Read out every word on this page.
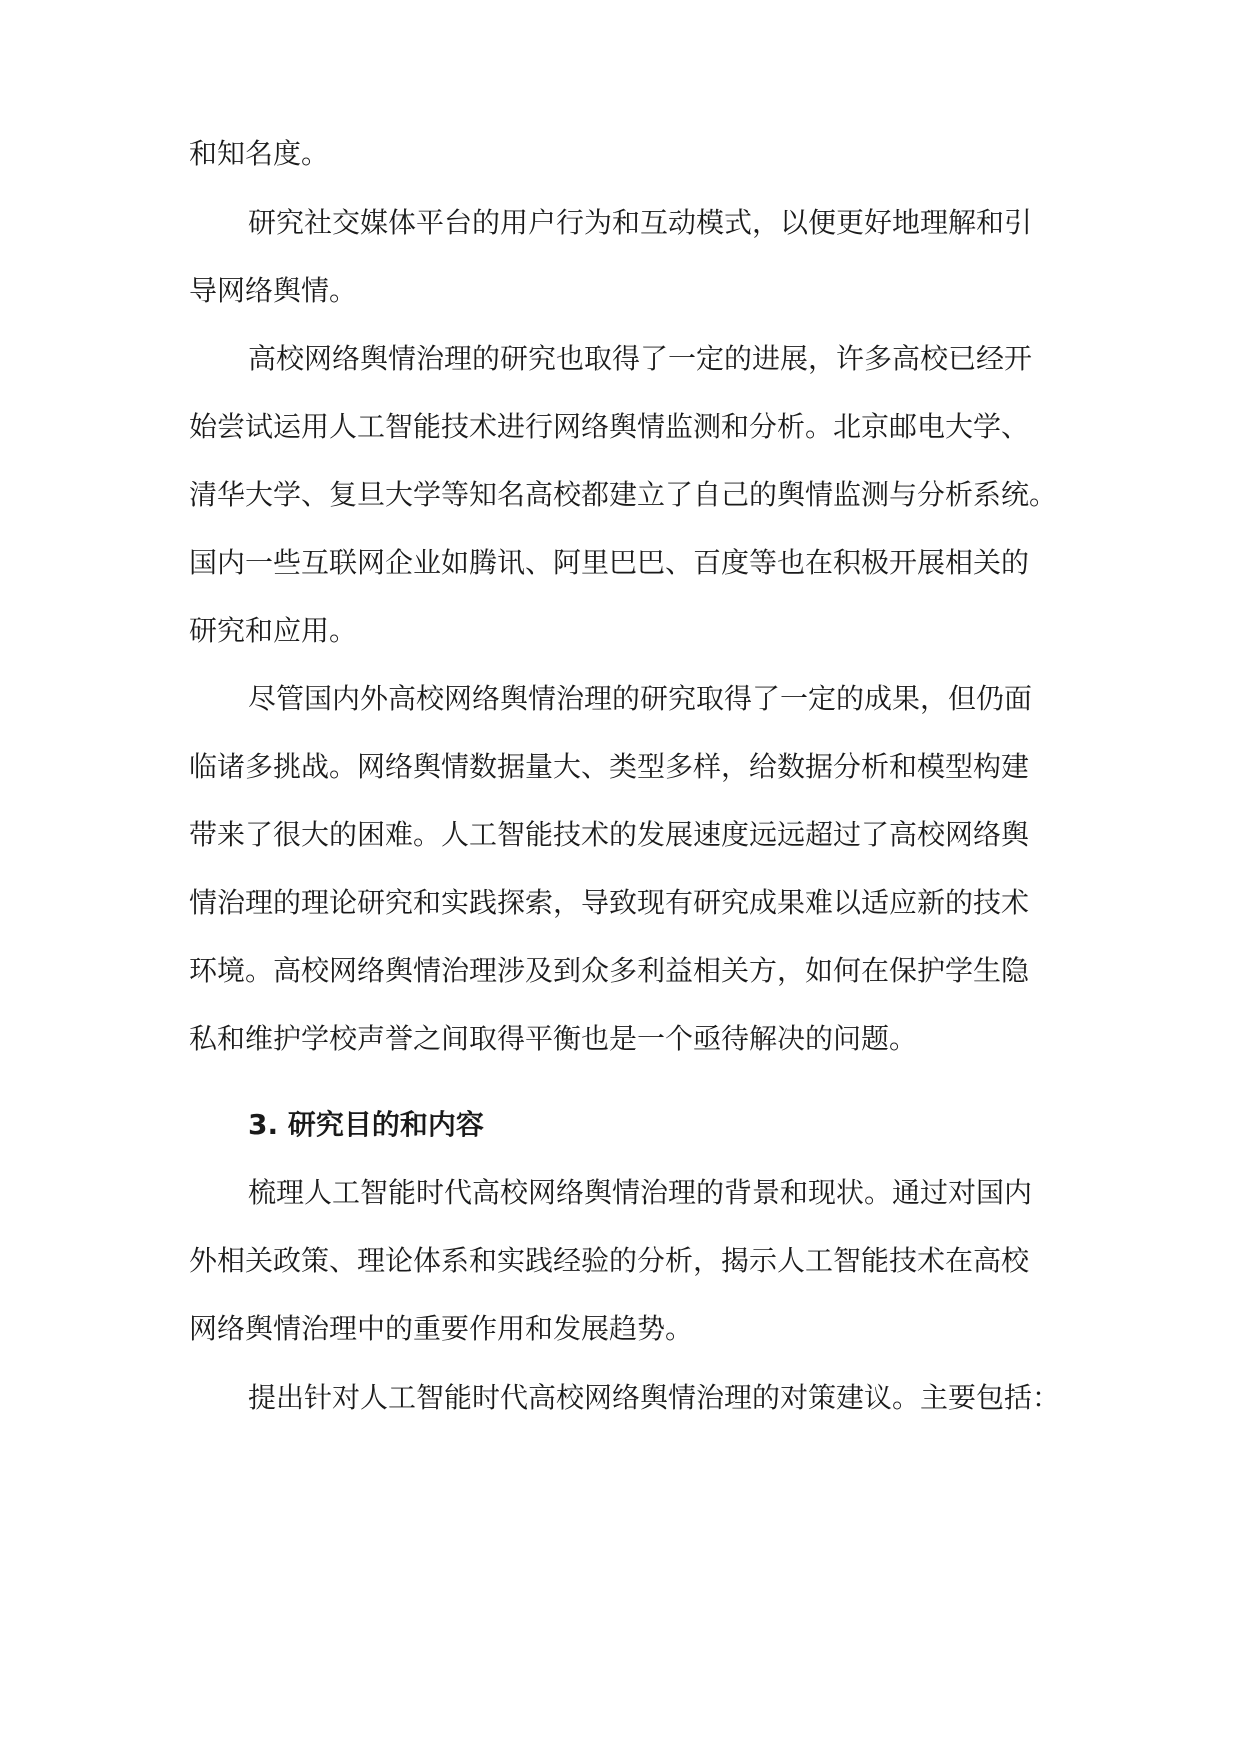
和知名度。

研究社交媒体平台的用户行为和互动模式，以便更好地理解和引

导网络舆情。

高校网络舆情治理的研究也取得了一定的进展，许多高校已经开

始尝试运用人工智能技术进行网络舆情监测和分析。北京邮电大学、

清华大学、复旦大学等知名高校都建立了自己的舆情监测与分析系统。

国内一些互联网企业如腾讯、阿里巴巴、百度等也在积极开展相关的

研究和应用。

尽管国内外高校网络舆情治理的研究取得了一定的成果，但仍面

临诸多挑战。网络舆情数据量大、类型多样，给数据分析和模型构建

带来了很大的困难。人工智能技术的发展速度远远超过了高校网络舆

情治理的理论研究和实践探索，导致现有研究成果难以适应新的技术

环境。高校网络舆情治理涉及到众多利益相关方，如何在保护学生隐

私和维护学校声誉之间取得平衡也是一个亟待解决的问题。

3. 研究目的和内容

梳理人工智能时代高校网络舆情治理的背景和现状。通过对国内

外相关政策、理论体系和实践经验的分析，揭示人工智能技术在高校

网络舆情治理中的重要作用和发展趋势。

提出针对人工智能时代高校网络舆情治理的对策建议。主要包括：
